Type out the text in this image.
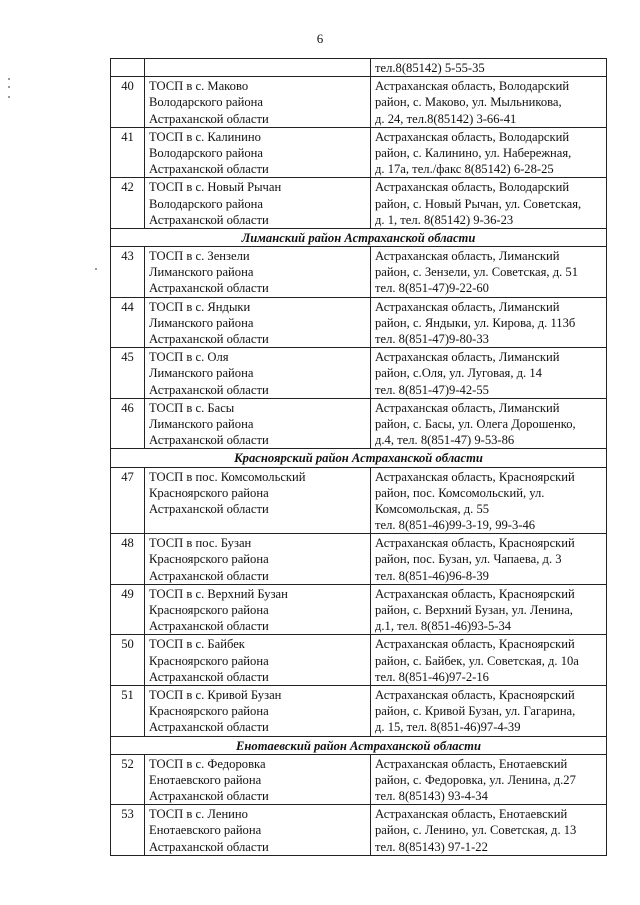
6

		тел.8(85142) 5-55-35

40	ТОСП в с. Маково
Володарского района
Астраханской области	Астраханская область, Володарский
район, с. Маково, ул. Мыльникова,
д. 24, тел.8(85142) 3-66-41

41	ТОСП в с. Калинино
Володарского района
Астраханской области	Астраханская область, Володарский
район, с. Калинино, ул. Набережная,
д. 17а, тел./факс 8(85142) 6-28-25

42	ТОСП в с. Новый Рычан
Володарского района
Астраханской области	Астраханская область, Володарский
район, с. Новый Рычан, ул. Советская,
д. 1, тел. 8(85142) 9-36-23

Лиманский район Астраханской области		
43	ТОСП в с. Зензели
Лиманского района
Астраханской области	Астраханская область, Лиманский
район, с. Зензели, ул. Советская, д. 51
тел. 8(851-47)9-22-60

44	ТОСП в с. Яндыки
Лиманского района
Астраханской области	Астраханская область, Лиманский
район, с. Яндыки, ул. Кирова, д. 113б
тел. 8(851-47)9-80-33

45	ТОСП в с. Оля
Лиманского района
Астраханской области	Астраханская область, Лиманский
район, с.Оля, ул. Луговая, д. 14
тел. 8(851-47)9-42-55

46	ТОСП в с. Басы
Лиманского района
Астраханской области	Астраханская область, Лиманский
район, с. Басы, ул. Олега Дорошенко,
д.4, тел. 8(851-47) 9-53-86

Красноярский район Астраханской области		
47	ТОСП в пос. Комсомольский
Красноярского района
Астраханской области	Астраханская область, Красноярский
район, пос. Комсомольский, ул.
Комсомольская, д. 55
тел. 8(851-46)99-3-19, 99-3-46

48	ТОСП в пос. Бузан
Красноярского района
Астраханской области	Астраханская область, Красноярский
район, пос. Бузан, ул. Чапаева, д. 3
тел. 8(851-46)96-8-39

49	ТОСП в с. Верхний Бузан
Красноярского района
Астраханской области	Астраханская область, Красноярский
район, с. Верхний Бузан, ул. Ленина,
д.1, тел. 8(851-46)93-5-34

50	ТОСП в с. Байбек
Красноярского района
Астраханской области	Астраханская область, Красноярский
район, с. Байбек, ул. Советская, д. 10а
тел. 8(851-46)97-2-16

51	ТОСП в с. Кривой Бузан
Красноярского района
Астраханской области	Астраханская область, Красноярский
район, с. Кривой Бузан, ул. Гагарина,
д. 15, тел. 8(851-46)97-4-39

Енотаевский район Астраханской области		
52	ТОСП в с. Федоровка
Енотаевского района
Астраханской области	Астраханская область, Енотаевский
район, с. Федоровка, ул. Ленина, д.27
тел. 8(85143) 93-4-34

53	ТОСП в с. Ленино
Енотаевского района
Астраханской области	Астраханская область, Енотаевский
район, с. Ленино, ул. Советская, д. 13
тел. 8(85143) 97-1-22
